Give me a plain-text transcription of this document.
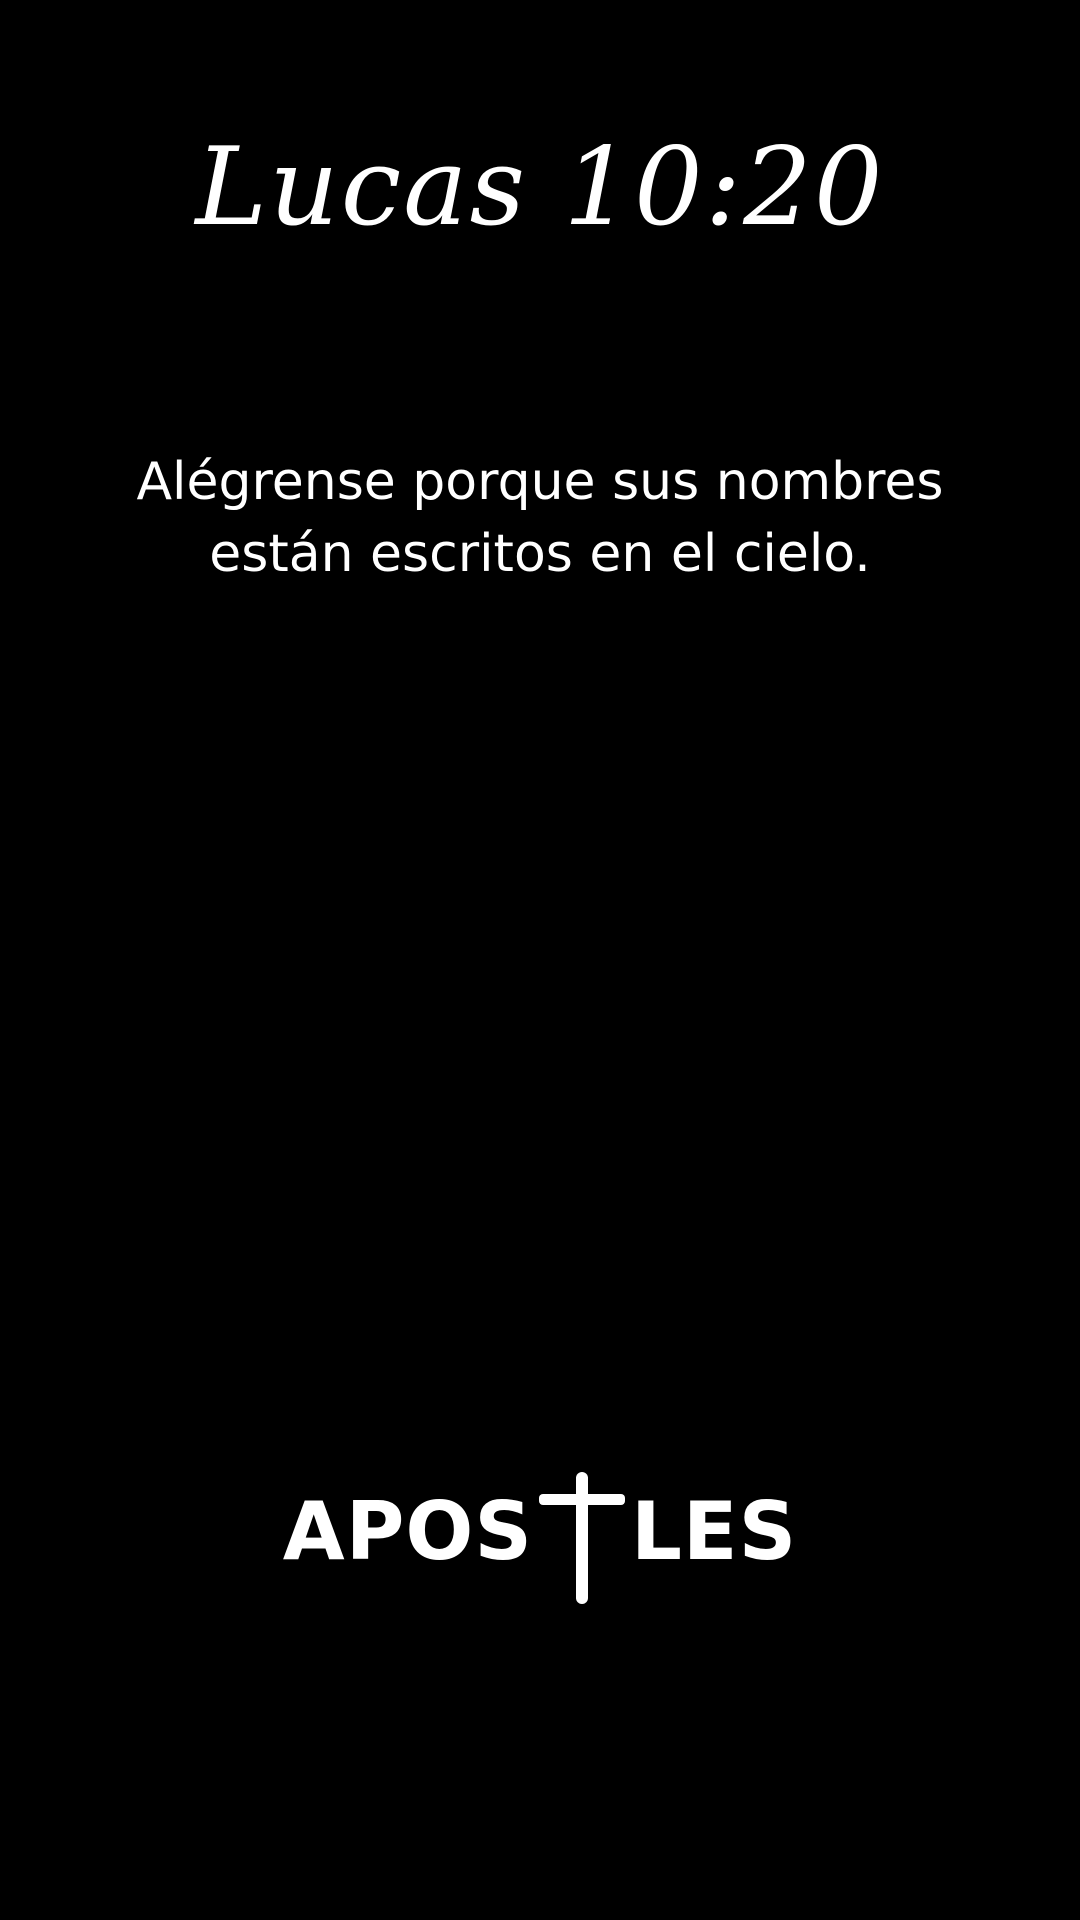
Lucas 10:20
Alégrense porque sus nombres
están escritos en el cielo.
APOS LES
